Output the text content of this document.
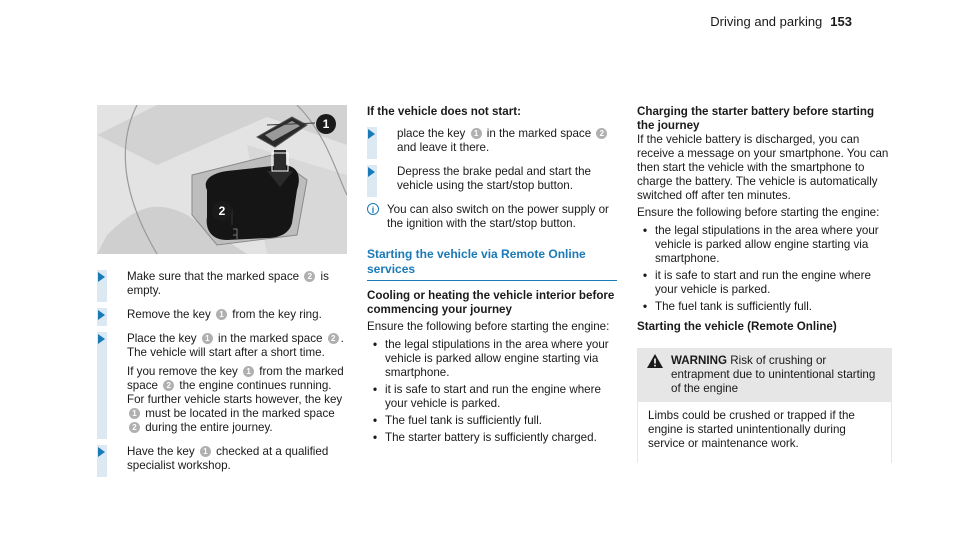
Driving and parking 153
1
2

Make sure that the marked space 2 is empty.

Remove the key 1 from the key ring.

Place the key 1 in the marked space 2 .

The vehicle will start after a short time.

If you remove the key 1 from the marked space 2 the engine continues running. For further vehicle starts however, the key 1 must be located in the marked space 2 during the entire journey.

Have the key 1 checked at a qualified specialist workshop.

If the vehicle does not start:

place the key 1 in the marked space 2 and leave it there.

Depress the brake pedal and start the vehicle using the start/stop button.

i	You can also switch on the power supply or the ignition with the start/stop button.

Starting the vehicle via Remote Online services

Cooling or heating the vehicle interior before commencing your journey

Ensure the following before starting the engine:

• the legal stipulations in the area where your vehicle is parked allow engine starting via smartphone.
• it is safe to start and run the engine where your vehicle is parked.
• The fuel tank is sufficiently full.
• The starter battery is sufficiently charged.

Charging the starter battery before starting the journey

If the vehicle battery is discharged, you can receive a message on your smartphone. You can then start the vehicle with the smartphone to charge the battery. The vehicle is automatically switched off after ten minutes.

Ensure the following before starting the engine:

• the legal stipulations in the area where your vehicle is parked allow engine starting via smartphone.
• it is safe to start and run the engine where your vehicle is parked.
• The fuel tank is sufficiently full.

Starting the vehicle (Remote Online)

WARNING Risk of crushing or entrapment due to unintentional starting of the engine

Limbs could be crushed or trapped if the engine is started unintentionally during service or maintenance work.
